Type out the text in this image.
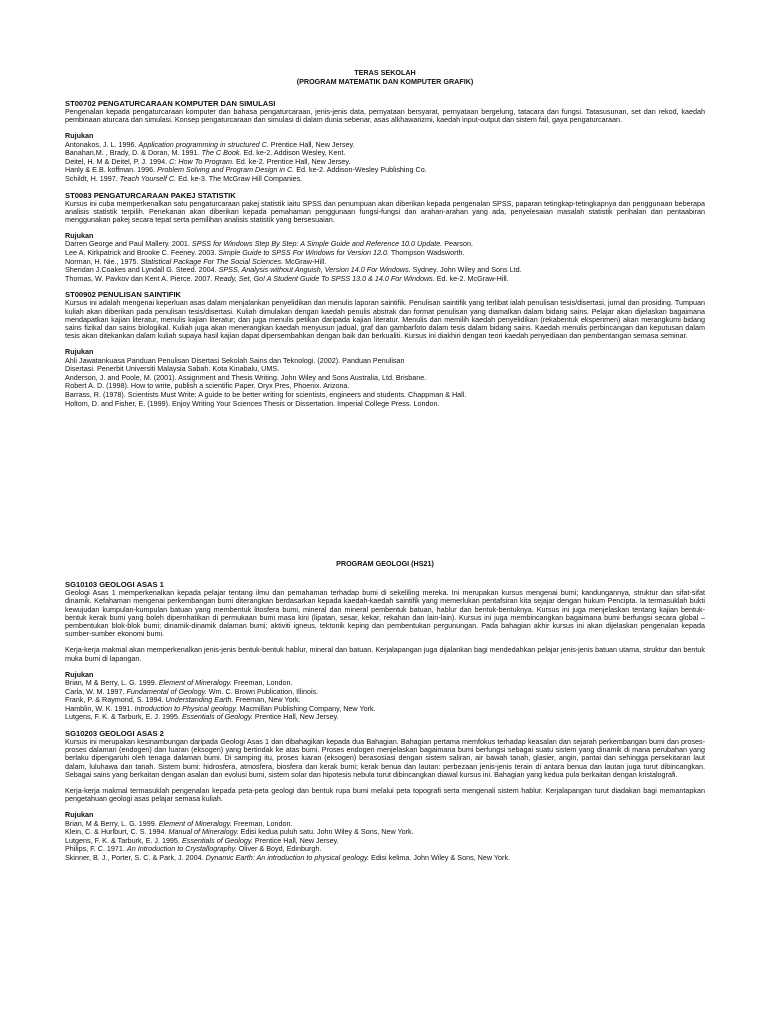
TERAS SEKOLAH
(PROGRAM MATEMATIK DAN KOMPUTER GRAFIK)
ST00702 PENGATURCARAAN KOMPUTER DAN SIMULASI

Pengenalan kepada pengaturcaraan komputer dan bahasa pengaturcaraan, jenis-jenis data, pernyataan bersyarat, pernyataan bergelung, tatacara dan fungsi. Tatasusunan, set dan rekod, kaedah pembinaan aturcara dan simulasi. Konsep pengaturcaraan dan simulasi di dalam dunia sebenar, asas alkhawarizmi, kaedah input-output dan sistem fail, gaya pengaturcaraan.

Rujukan
Antonakos, J. L. 1996. Application programming in structured C. Prentice Hall, New Jersey.
Banahan,M. , Brady, D. & Doran, M. 1991. The C Book. Ed. ke-2. Addison Wesley, Kent.
Deitel, H. M & Deitel, P. J. 1994. C: How To Program. Ed. ke-2. Prentice Hall, New Jersey.
Hanly & E.B. koffman. 1996. Problem Solving and Program Design in C. Ed. ke-2. Addison-Wesley Publishing Co.
Schildt, H. 1997. Teach Yourself C. Ed. ke-3. The McGraw Hill Companies.
ST0083 PENGATURCARAAN PAKEJ STATISTIK

Kursus ini cuba memperkenalkan satu pengaturcaraan pakej statistik iaitu SPSS dan penumpuan akan diberikan kepada pengenalan SPSS, paparan tetingkap-tetingkapnya dan penggunaan beberapa analisis statistik terpilih. Penekanan akan diberikan kepada pemahaman penggunaan fungsi-fungsi dan arahan-arahan yang ada, penyelesaian masalah statistik perihalan dan pentaabiran menggunakan pakej secara tepat serta pemilihan analisis statistik yang bersesuaian.

Rujukan
Darren George and Paul Mallery. 2001. SPSS for Windows Step By Step: A Simple Guide and Reference 10.0 Update. Pearson.
Lee A. Kirkpatrick and Brooke C. Feeney. 2003. Simple Guide to SPSS For Windows for Version 12.0. Thompson Wadsworth.
Norman, H. Nie., 1975. Statistical Package For The Social Sciences. McGraw-Hill.
Sheridan J.Coakes and Lyndall G. Steed. 2004. SPSS, Analysis without Anguish, Version 14.0 For Windows. Sydney. John Wiley and Sons Ltd.
Thomas, W. Pavkov dan Kent A. Pierce. 2007. Ready, Set, Go! A Student Guide To SPSS 13.0 & 14.0 For Windows. Ed. ke-2. McGraw-Hill.
ST00902 PENULISAN SAINTIFIK

Kursus ini adalah mengenai keperluan asas dalam menjalankan penyelidikan dan menulis laporan saintifik. Penulisan saintifik yang terlibat ialah penulisan tesis/disertasi, jurnal dan prosiding. Tumpuan kuliah akan diberikan pada penulisan tesis/disertasi. Kuliah dimulakan dengan kaedah penulis abstrak dan format penulisan yang diamalkan dalam bidang sains. Pelajar akan dijelaskan bagaimana mendapatkan kajian literatur, menulis kajian literatur; dan juga menulis petikan daripada kajian literatur. Menulis dan memilih kaedah penyelidikan (rekabentuk eksperimen) akan merangkumi bidang sains fizikal dan sains biologikal. Kuliah juga akan menerangkan kaedah menyusun jadual, graf dan gambarfoto dalam tesis dalam bidang sains. Kaedah menulis perbincangan dan keputusan dalam tesis akan ditekankan dalam kuliah supaya hasil kajian dapat dipersembahkan dengan baik dan berkualiti. Kursus ini diakhiri dengan teori kaedah penyediaan dan pembentangan semasa seminar.

Rujukan
Ahli Jawatankuasa Panduan Penulisan Disertasi Sekolah Sains dan Teknologi. (2002). Panduan Penulisan
Disertasi. Penerbit Universiti Malaysia Sabah. Kota Kinabalu, UMS.
Anderson, J. and Poole, M. (2001). Assignment and Thesis Writing. John Wiley and Sons Australia, Ltd. Brisbane.
Robert A. D. (1998). How to write, publish a scientific Paper. Oryx Pres, Phoenix. Arizona.
Barrass, R. (1978). Scientists Must Write: A guide to be better writing for scientists, engineers and students. Chappman & Hall.
Holtom, D. and Fisher, E. (1999). Enjoy Writing Your Sciences Thesis or Dissertation. Imperial College Press. London.
PROGRAM GEOLOGI (HS21)
SG10103 GEOLOGI ASAS 1

Geologi Asas 1 memperkenalkan kepada pelajar tentang ilmu dan pemahaman terhadap bumi di sekeliling mereka. Ini merupakan kursus mengenai bumi; kandungannya, struktur dan sifat-sifat dinamik. Kefahaman mengenai perkembangan bumi diterangkan berdasarkan kepada kaedah-kaedah saintifik yang memerlukan pentafsiran kita sejajar dengan hukum Pencipta. Ia termasuklah bukti kewujudan kumpulan-kumpulan batuan yang membentuk litosfera bumi, mineral dan mineral pembentuk batuan, hablur dan bentuk-bentuknya. Kursus ini juga menjelaskan tentang kajian bentuk-bentuk kerak bumi yang boleh dipernhatikan di permukaan bumi masa kini (lipatan, sesar, kekar, rekahan dan lain-lain). Kursus ini juga membincangkan bagaimana bumi berfungsi secara global – pembentukan blok-blok bumi; dinamik-dinamik dalaman bumi; aktiviti igneus, tektonik keping dan pembentukan pergunungan. Pada bahagian akhir kursus ini akan dijelaskan pengenalan kepada sumber-sumber ekonomi bumi.

Kerja-kerja makmal akan memperkenalkan jenis-jenis bentuk-bentuk hablur, mineral dan batuan. Kerjalapangan juga dijalankan bagi mendedahkan pelajar jenis-jenis batuan utama, struktur dan bentuk muka bumi di lapangan.

Rujukan
Brian, M & Berry, L. G. 1999. Element of Mineralogy. Freeman, London.
Carla, W. M. 1997. Fundamental of Geology. Wm. C. Brown Publication, Illinois.
Frank, P. & Raymond, S. 1994. Understanding Earth. Freeman, New York.
Hamblin, W. K. 1991. Introduction to Physical geology. Macmillan Publishing Company, New York.
Lutgens, F. K. & Tarburk, E. J. 1995. Essentials of Geology. Prentice Hall, New Jersey.
SG10203 GEOLOGI ASAS 2

Kursus ini merupakan kesinambungan daripada Geologi Asas 1 dan dibahagikan kepada dua Bahagian. Bahagian pertama memfokus terhadap keasalan dan sejarah perkembangan bumi dan proses-proses dalaman (endogen) dan luaran (eksogen) yang bertindak ke atas bumi. Proses endogen menjelaskan bagaimana bumi berfungsi sebagai suatu sistem yang dinamik di mana perubahan yang berlaku dipengaruhi oleh tenaga dalaman bumi. Di samping itu, proses luaran (eksogen) berasosiasi dengan sistem saliran, air bawah tanah, glasier, angin, pantai dan sehingga persekitaran laut dalam, luluhawa dan tanah. Sistem bumi: hidrosfera, atmosfera, biosfera dan kerak bumi; kerak benua dan lautan: perbezaan jenis-jenis terain di antara benua dan lautan juga turut dibincangkan. Sebagai sains yang berkaitan dengan asalan dan evolusi bumi, sistem solar dan hipotesis nebula turut dibincangkan diawal kursus ini. Bahagian yang kedua pula berkaitan dengan kristalografi.

Kerja-kerja makmal termasuklah pengenalan kepada peta-peta geologi dan bentuk rupa bumi melalui peta topografi serta mengenali sistem hablur. Kerjalapangan turut diadakan bagi memantapkan pengetahuan geologi asas pelajar semasa kuliah.

Rujukan
Brian, M & Berry, L. G. 1999. Element of Mineralogy. Freeman, London.
Klein, C. & Hurlburt, C. S. 1994. Manual of Mineralogy. Edisi kedua puluh satu. John Wiley & Sons, New York.
Lutgens, F. K. & Tarburk, E. J. 1995. Essentials of Geology. Prentice Hall, New Jersey.
Philips, F. C. 1971. An Introduction to Crystallography. Oliver & Boyd, Edinburgh.
Skinner, B. J., Porter, S. C. & Park, J. 2004. Dynamic Earth: An introduction to physical geology. Edisi kelima. John Wiley & Sons, New York.
